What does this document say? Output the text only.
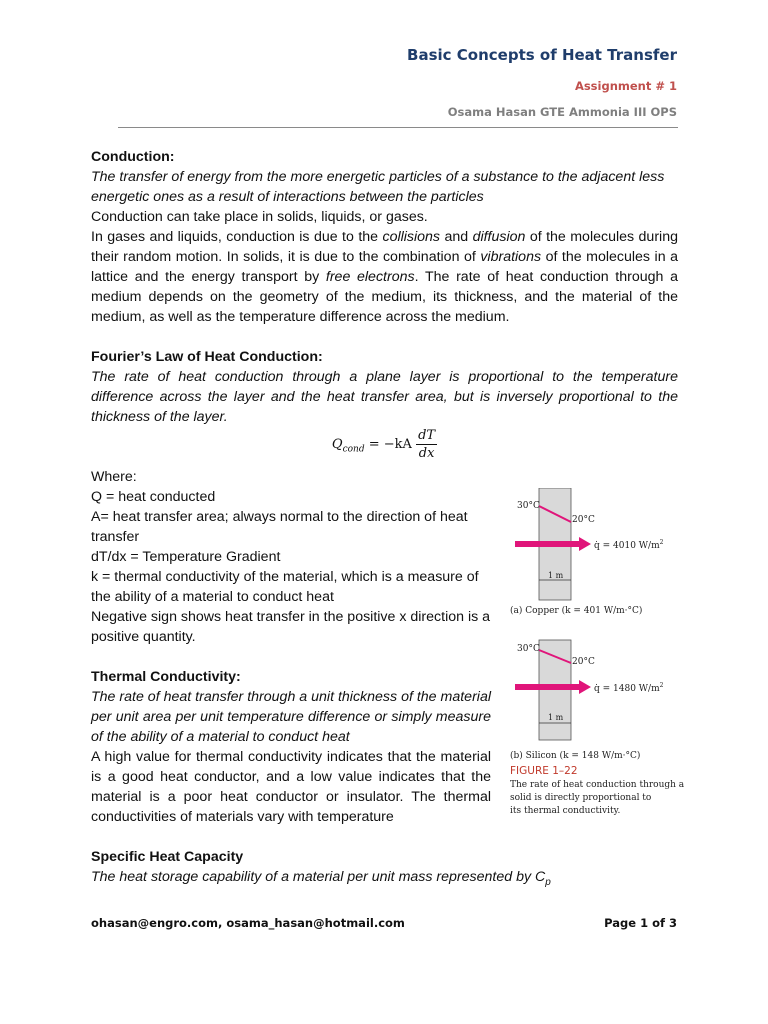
Basic Concepts of Heat Transfer
Assignment # 1
Osama Hasan GTE Ammonia III OPS

Conduction:

The transfer of energy from the more energetic particles of a substance to the adjacent less energetic ones as a result of interactions between the particles

Conduction can take place in solids, liquids, or gases.

In gases and liquids, conduction is due to the collisions and diffusion of the molecules during their random motion. In solids, it is due to the combination of vibrations of the molecules in a lattice and the energy transport by free electrons. The rate of heat conduction through a medium depends on the geometry of the medium, its thickness, and the material of the medium, as well as the temperature difference across the medium.

Fourier’s Law of Heat Conduction:

The rate of heat conduction through a plane layer is proportional to the temperature difference across the layer and the heat transfer area, but is inversely proportional to the thickness of the layer.

$Q_{cond} = -kA \frac{dT}{dx}$

Where:

Q = heat conducted

A= heat transfer area; always normal to the direction of heat transfer

dT/dx = Temperature Gradient

k = thermal conductivity of the material, which is a measure of the ability of a material to conduct heat

Negative sign shows heat transfer in the positive x direction is a positive quantity.

Thermal Conductivity:

The rate of heat transfer through a unit thickness of the material per unit area per unit temperature difference or simply measure of the ability of a material to conduct heat

A high value for thermal conductivity indicates that the material is a good heat conductor, and a low value indicates that the material is a poor heat conductor or insulator. The thermal conductivities of materials vary with temperature

Specific Heat Capacity

The heat storage capability of a material per unit mass represented by $C_p$

30°C
20°C
q̇ = 4010 $W/m^2$
1 m
(a) Copper (k = 401 W/m·°C)
30°C
20°C
q̇ = 1480 $W/m^2$
1 m
(b) Silicon (k = 148 W/m·°C)
FIGURE 1–22
The rate of heat conduction through a
solid is directly proportional to
its thermal conductivity.
ohasan@engro.com, osama_hasan@hotmail.com	Page 1 of 3
